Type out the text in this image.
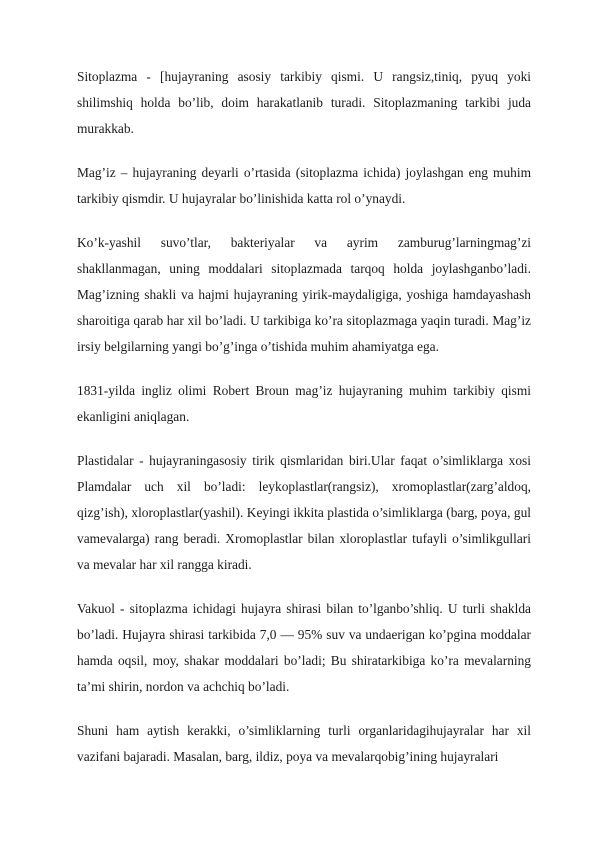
Sitoplazma - [hujayraning asosiy tarkibiy qismi. U rangsiz,tiniq, pyuq yoki shilimshiq holda bo’lib, doim harakatlanib turadi. Sitoplazmaning tarkibi juda murakkab.

Mag’iz – hujayraning deyarli o’rtasida (sitoplazma ichida) joylashgan eng muhim tarkibiy qismdir. U hujayralar bo’linishida katta rol o’ynaydi.

Ko’k-yashil suvo’tlar, bakteriyalar va ayrim zamburug’larningmag’zi shakllanmagan, uning moddalari sitoplazmada tarqoq holda joylashganbo’ladi. Mag’izning shakli va hajmi hujayraning yirik-maydaligiga, yoshiga hamdayashash sharoitiga qarab har xil bo’ladi. U tarkibiga ko’ra sitoplazmaga yaqin turadi. Mag’iz irsiy belgilarning yangi bo’g’inga o’tishida muhim ahamiyatga ega.

1831-yilda ingliz olimi Robert Broun mag’iz hujayraning muhim tarkibiy qismi ekanligini aniqlagan.

Plastidalar - hujayraningasosiy tirik qismlaridan biri.Ular faqat o’simliklarga xosi Plamdalar uch xil bo’ladi: leykoplastlar(rangsiz), xromoplastlar(zarg’aldoq, qizg’ish), xloroplastlar(yashil). Keyingi ikkita plastida o’simliklarga (barg, poya, gul vamevalarga) rang beradi. Xromoplastlar bilan xloroplastlar tufayli o’simlikgullari va mevalar har xil rangga kiradi.

Vakuol - sitoplazma ichidagi hujayra shirasi bilan to’lganbo’shliq. U turli shaklda bo’ladi. Hujayra shirasi tarkibida 7,0 — 95% suv va undaerigan ko’pgina moddalar hamda oqsil, moy, shakar moddalari bo’ladi; Bu shiratarkibiga ko’ra mevalarning ta’mi shirin, nordon va achchiq bo’ladi.

Shuni ham aytish kerakki, o’simliklarning turli organlaridagihujayralar har xil vazifani bajaradi. Masalan, barg, ildiz, poya va mevalarqobig’ining hujayralari
